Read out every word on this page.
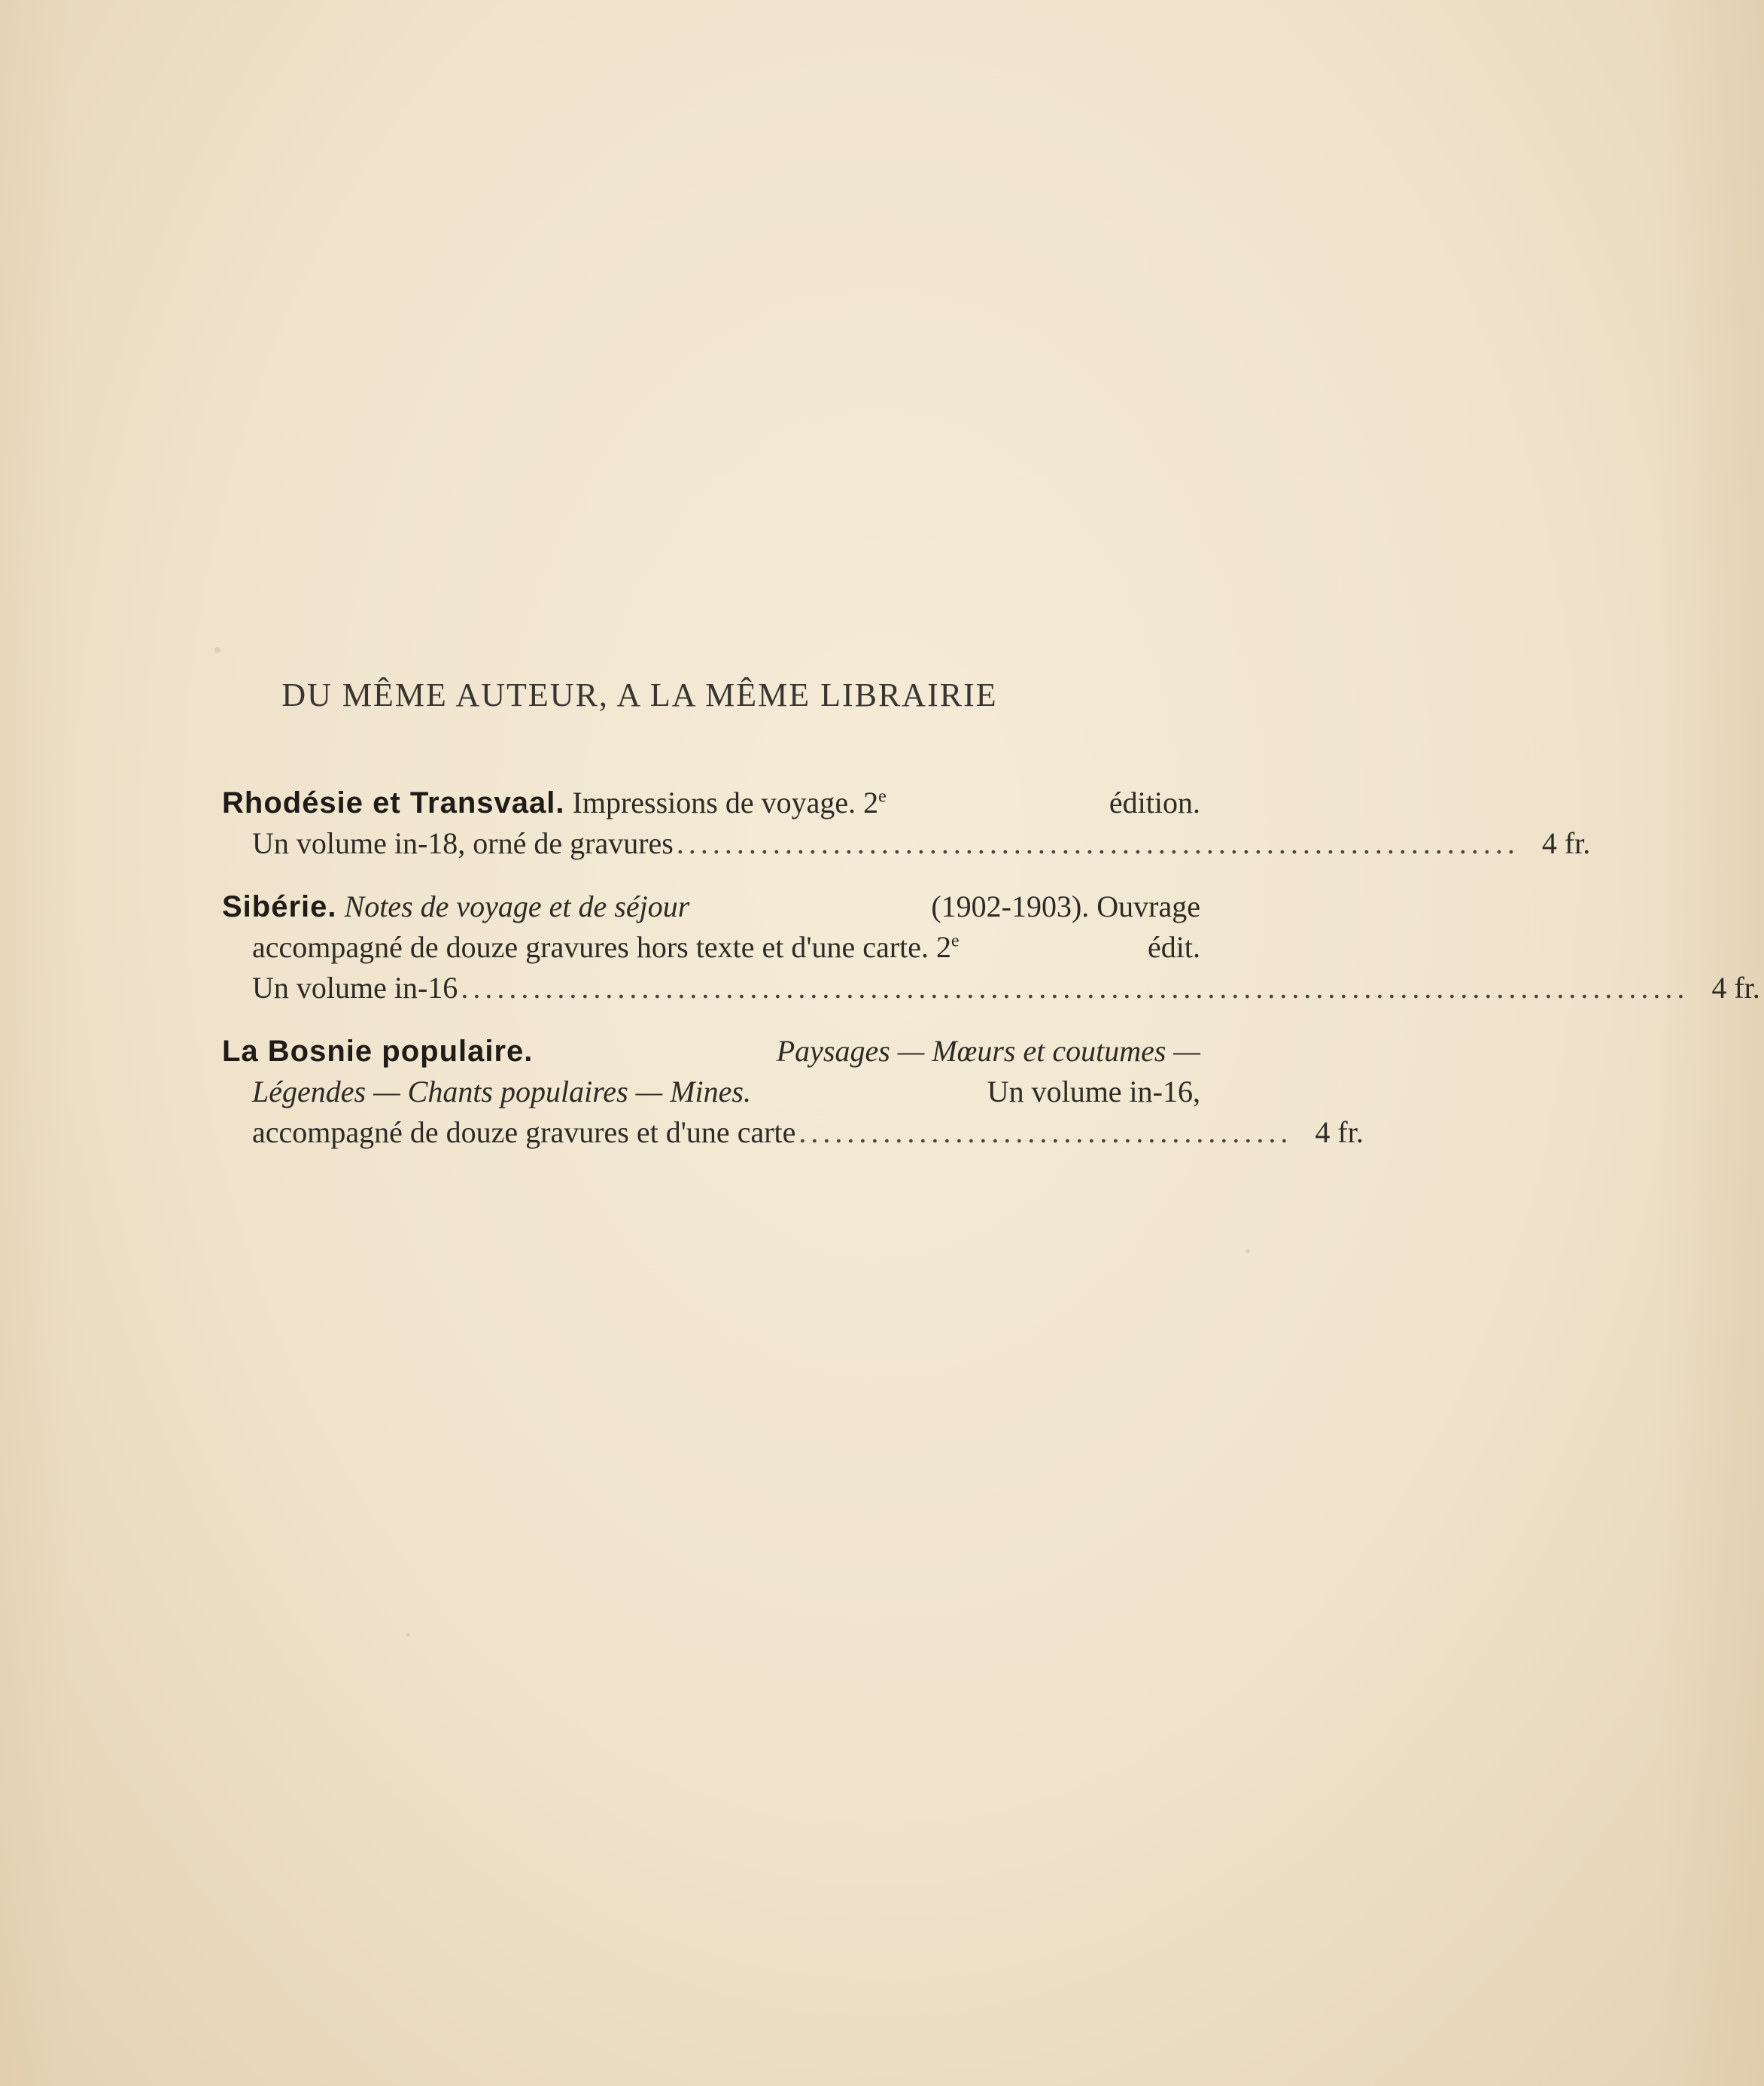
DU MÊME AUTEUR, A LA MÊME LIBRAIRIE
Rhodésie et Transvaal. Impressions de voyage. 2e	édition.
Un volume in-18, orné de gravures ...................................................................... 4 fr.
Sibérie. Notes de voyage et de séjour	(1902-1903). Ouvrage
accompagné de douze gravures hors texte et d'une carte. 2e	édit.
Un volume in-16 ...................................................................................................... 4 fr.
La Bosnie populaire.	Paysages — Mœurs et coutumes —
Légendes — Chants populaires — Mines.	Un volume in-16,
accompagné de douze gravures et d'une carte ......................................... 4 fr.
